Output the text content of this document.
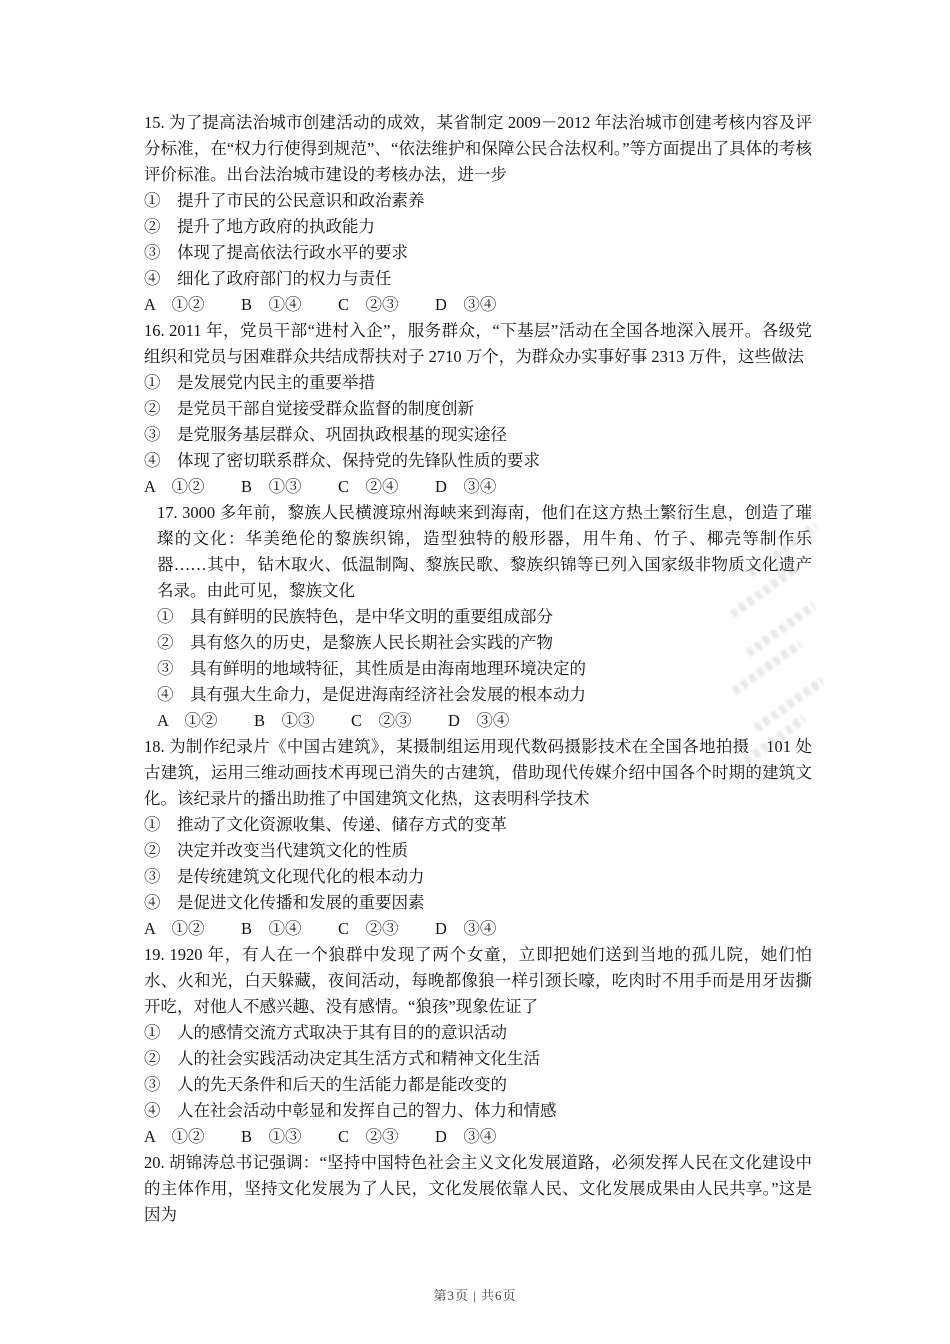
15. 为了提高法治城市创建活动的成效，某省制定 2009－2012 年法治城市创建考核内容及评分标准，在“权力行使得到规范”、“依法维护和保障公民合法权利。”等方面提出了具体的考核评价标准。出台法治城市建设的考核办法，进一步

①　提升了市民的公民意识和政治素养

②　提升了地方政府的执政能力

③　体现了提高依法行政水平的要求

④　细化了政府部门的权力与责任

A　①②	B　①④	C　②③	D　③④

16. 2011 年，党员干部“进村入企”，服务群众，“下基层”活动在全国各地深入展开。各级党组织和党员与困难群众共结成帮扶对子 2710 万个，为群众办实事好事 2313 万件，这些做法

①　是发展党内民主的重要举措

②　是党员干部自觉接受群众监督的制度创新

③　是党服务基层群众、巩固执政根基的现实途径

④　体现了密切联系群众、保持党的先锋队性质的要求

A　①②	B　①③	C　②④	D　③④

17. 3000 多年前，黎族人民横渡琼州海峡来到海南，他们在这方热土繁衍生息，创造了璀璨的文化：华美绝伦的黎族织锦，造型独特的般形器，用牛角、竹子、椰壳等制作乐器……其中，钻木取火、低温制陶、黎族民歌、黎族织锦等已列入国家级非物质文化遗产名录。由此可见，黎族文化

①　具有鲜明的民族特色，是中华文明的重要组成部分

②　具有悠久的历史，是黎族人民长期社会实践的产物

③　具有鲜明的地域特征，其性质是由海南地理环境决定的

④　具有强大生命力，是促进海南经济社会发展的根本动力

A　①②	B　①③	C　②③	D　③④

18. 为制作纪录片《中国古建筑》，某摄制组运用现代数码摄影技术在全国各地拍摄　101 处古建筑，运用三维动画技术再现已消失的古建筑，借助现代传媒介绍中国各个时期的建筑文化。该纪录片的播出助推了中国建筑文化热，这表明科学技术

①　推动了文化资源收集、传递、储存方式的变革

②　决定并改变当代建筑文化的性质

③　是传统建筑文化现代化的根本动力

④　是促进文化传播和发展的重要因素

A　①②	B　①④	C　②③	D　③④

19. 1920 年，有人在一个狼群中发现了两个女童，立即把她们送到当地的孤儿院，她们怕水、火和光，白天躲藏，夜间活动，每晚都像狼一样引颈长嚎，吃肉时不用手而是用牙齿撕开吃，对他人不感兴趣、没有感情。“狼孩”现象佐证了

①　人的感情交流方式取决于其有目的的意识活动

②　人的社会实践活动决定其生活方式和精神文化生活

③　人的先天条件和后天的生活能力都是能改变的

④　人在社会活动中彰显和发挥自己的智力、体力和情感

A　①②	B　①③	C　②③	D　③④

20. 胡锦涛总书记强调：“坚持中国特色社会主义文化发展道路，必须发挥人民在文化建设中的主体作用，坚持文化发展为了人民，文化发展依靠人民、文化发展成果由人民共享。”这是因为

第3页 | 共6页
